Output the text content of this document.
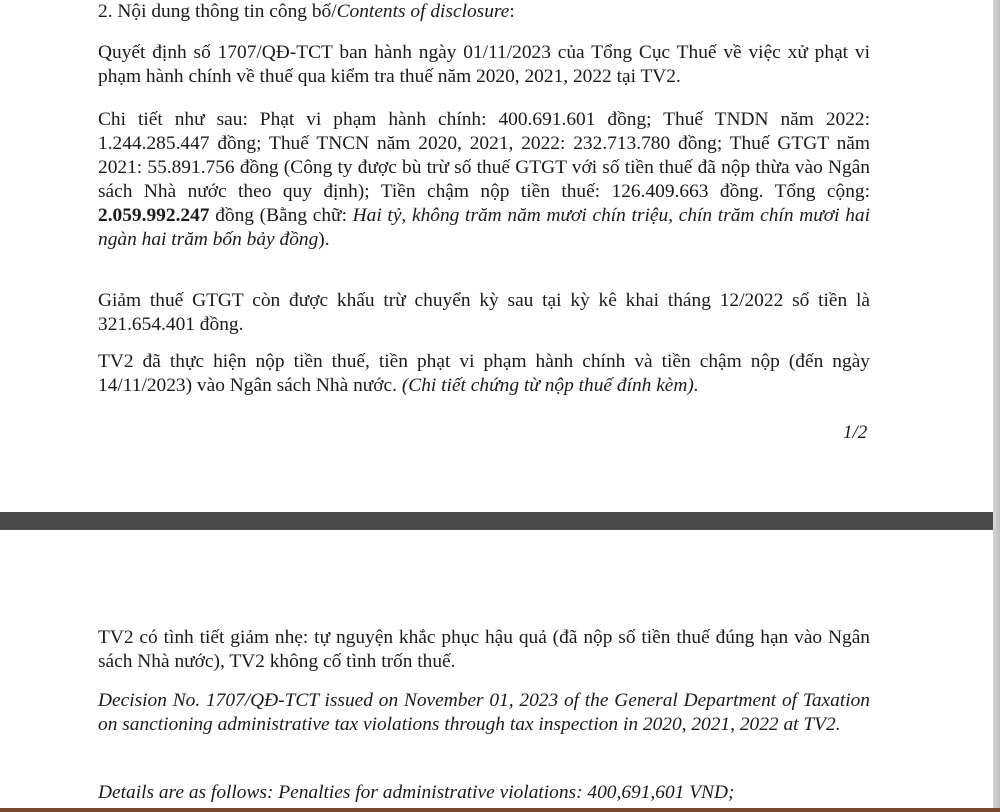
2. Nội dung thông tin công bố/Contents of disclosure:

Quyết định số 1707/QĐ-TCT ban hành ngày 01/11/2023 của Tổng Cục Thuế về việc xử phạt vi phạm hành chính về thuế qua kiểm tra thuế năm 2020, 2021, 2022 tại TV2.

Chi tiết như sau: Phạt vi phạm hành chính: 400.691.601 đồng; Thuế TNDN năm 2022: 1.244.285.447 đồng; Thuế TNCN năm 2020, 2021, 2022: 232.713.780 đồng; Thuế GTGT năm 2021: 55.891.756 đồng (Công ty được bù trừ số thuế GTGT với số tiền thuế đã nộp thừa vào Ngân sách Nhà nước theo quy định); Tiền chậm nộp tiền thuế: 126.409.663 đồng. Tổng cộng: 2.059.992.247 đồng (Bằng chữ: Hai tỷ, không trăm năm mươi chín triệu, chín trăm chín mươi hai ngàn hai trăm bốn bảy đồng).

Giảm thuế GTGT còn được khấu trừ chuyển kỳ sau tại kỳ kê khai tháng 12/2022 số tiền là 321.654.401 đồng.

TV2 đã thực hiện nộp tiền thuế, tiền phạt vi phạm hành chính và tiền chậm nộp (đến ngày 14/11/2023) vào Ngân sách Nhà nước. (Chi tiết chứng từ nộp thuế đính kèm).

1/2

TV2 có tình tiết giảm nhẹ: tự nguyện khắc phục hậu quả (đã nộp số tiền thuế đúng hạn vào Ngân sách Nhà nước), TV2 không cố tình trốn thuế.

Decision No. 1707/QĐ-TCT issued on November 01, 2023 of the General Department of Taxation on sanctioning administrative tax violations through tax inspection in 2020, 2021, 2022 at TV2.

Details are as follows: Penalties for administrative violations: 400,691,601 VND;
